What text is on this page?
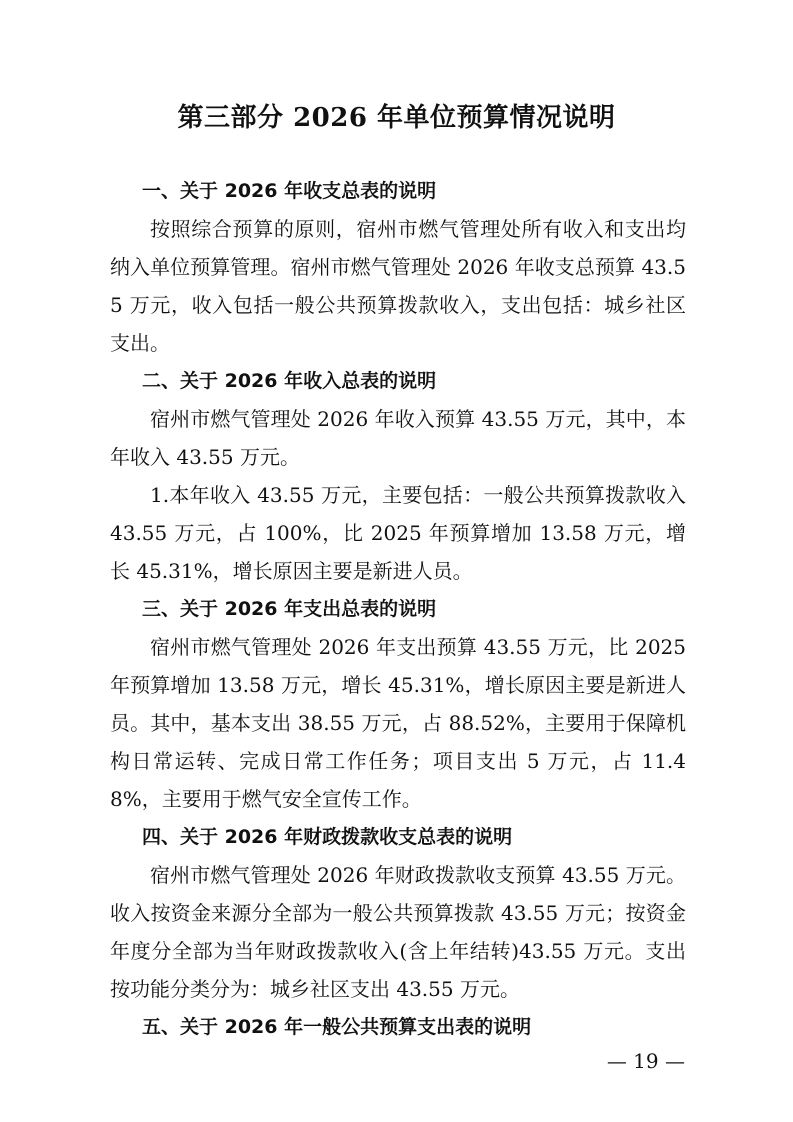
第三部分 2026 年单位预算情况说明
一、关于 2026 年收支总表的说明

按照综合预算的原则，宿州市燃气管理处所有收入和支出均纳入单位预算管理。宿州市燃气管理处 2026 年收支总预算 43.55 万元，收入包括一般公共预算拨款收入，支出包括：城乡社区支出。

二、关于 2026 年收入总表的说明

宿州市燃气管理处 2026 年收入预算 43.55 万元，其中，本年收入 43.55 万元。

1.本年收入 43.55 万元，主要包括：一般公共预算拨款收入 43.55 万元，占 100%，比 2025 年预算增加 13.58 万元，增长 45.31%，增长原因主要是新进人员。

三、关于 2026 年支出总表的说明

宿州市燃气管理处 2026 年支出预算 43.55 万元，比 2025 年预算增加 13.58 万元，增长 45.31%，增长原因主要是新进人员。其中，基本支出 38.55 万元，占 88.52%，主要用于保障机构日常运转、完成日常工作任务；项目支出 5 万元，占 11.48%，主要用于燃气安全宣传工作。

四、关于 2026 年财政拨款收支总表的说明

宿州市燃气管理处 2026 年财政拨款收支预算 43.55 万元。收入按资金来源分全部为一般公共预算拨款 43.55 万元；按资金年度分全部为当年财政拨款收入(含上年结转)43.55 万元。支出按功能分类分为：城乡社区支出 43.55 万元。

五、关于 2026 年一般公共预算支出表的说明
— 19 —
